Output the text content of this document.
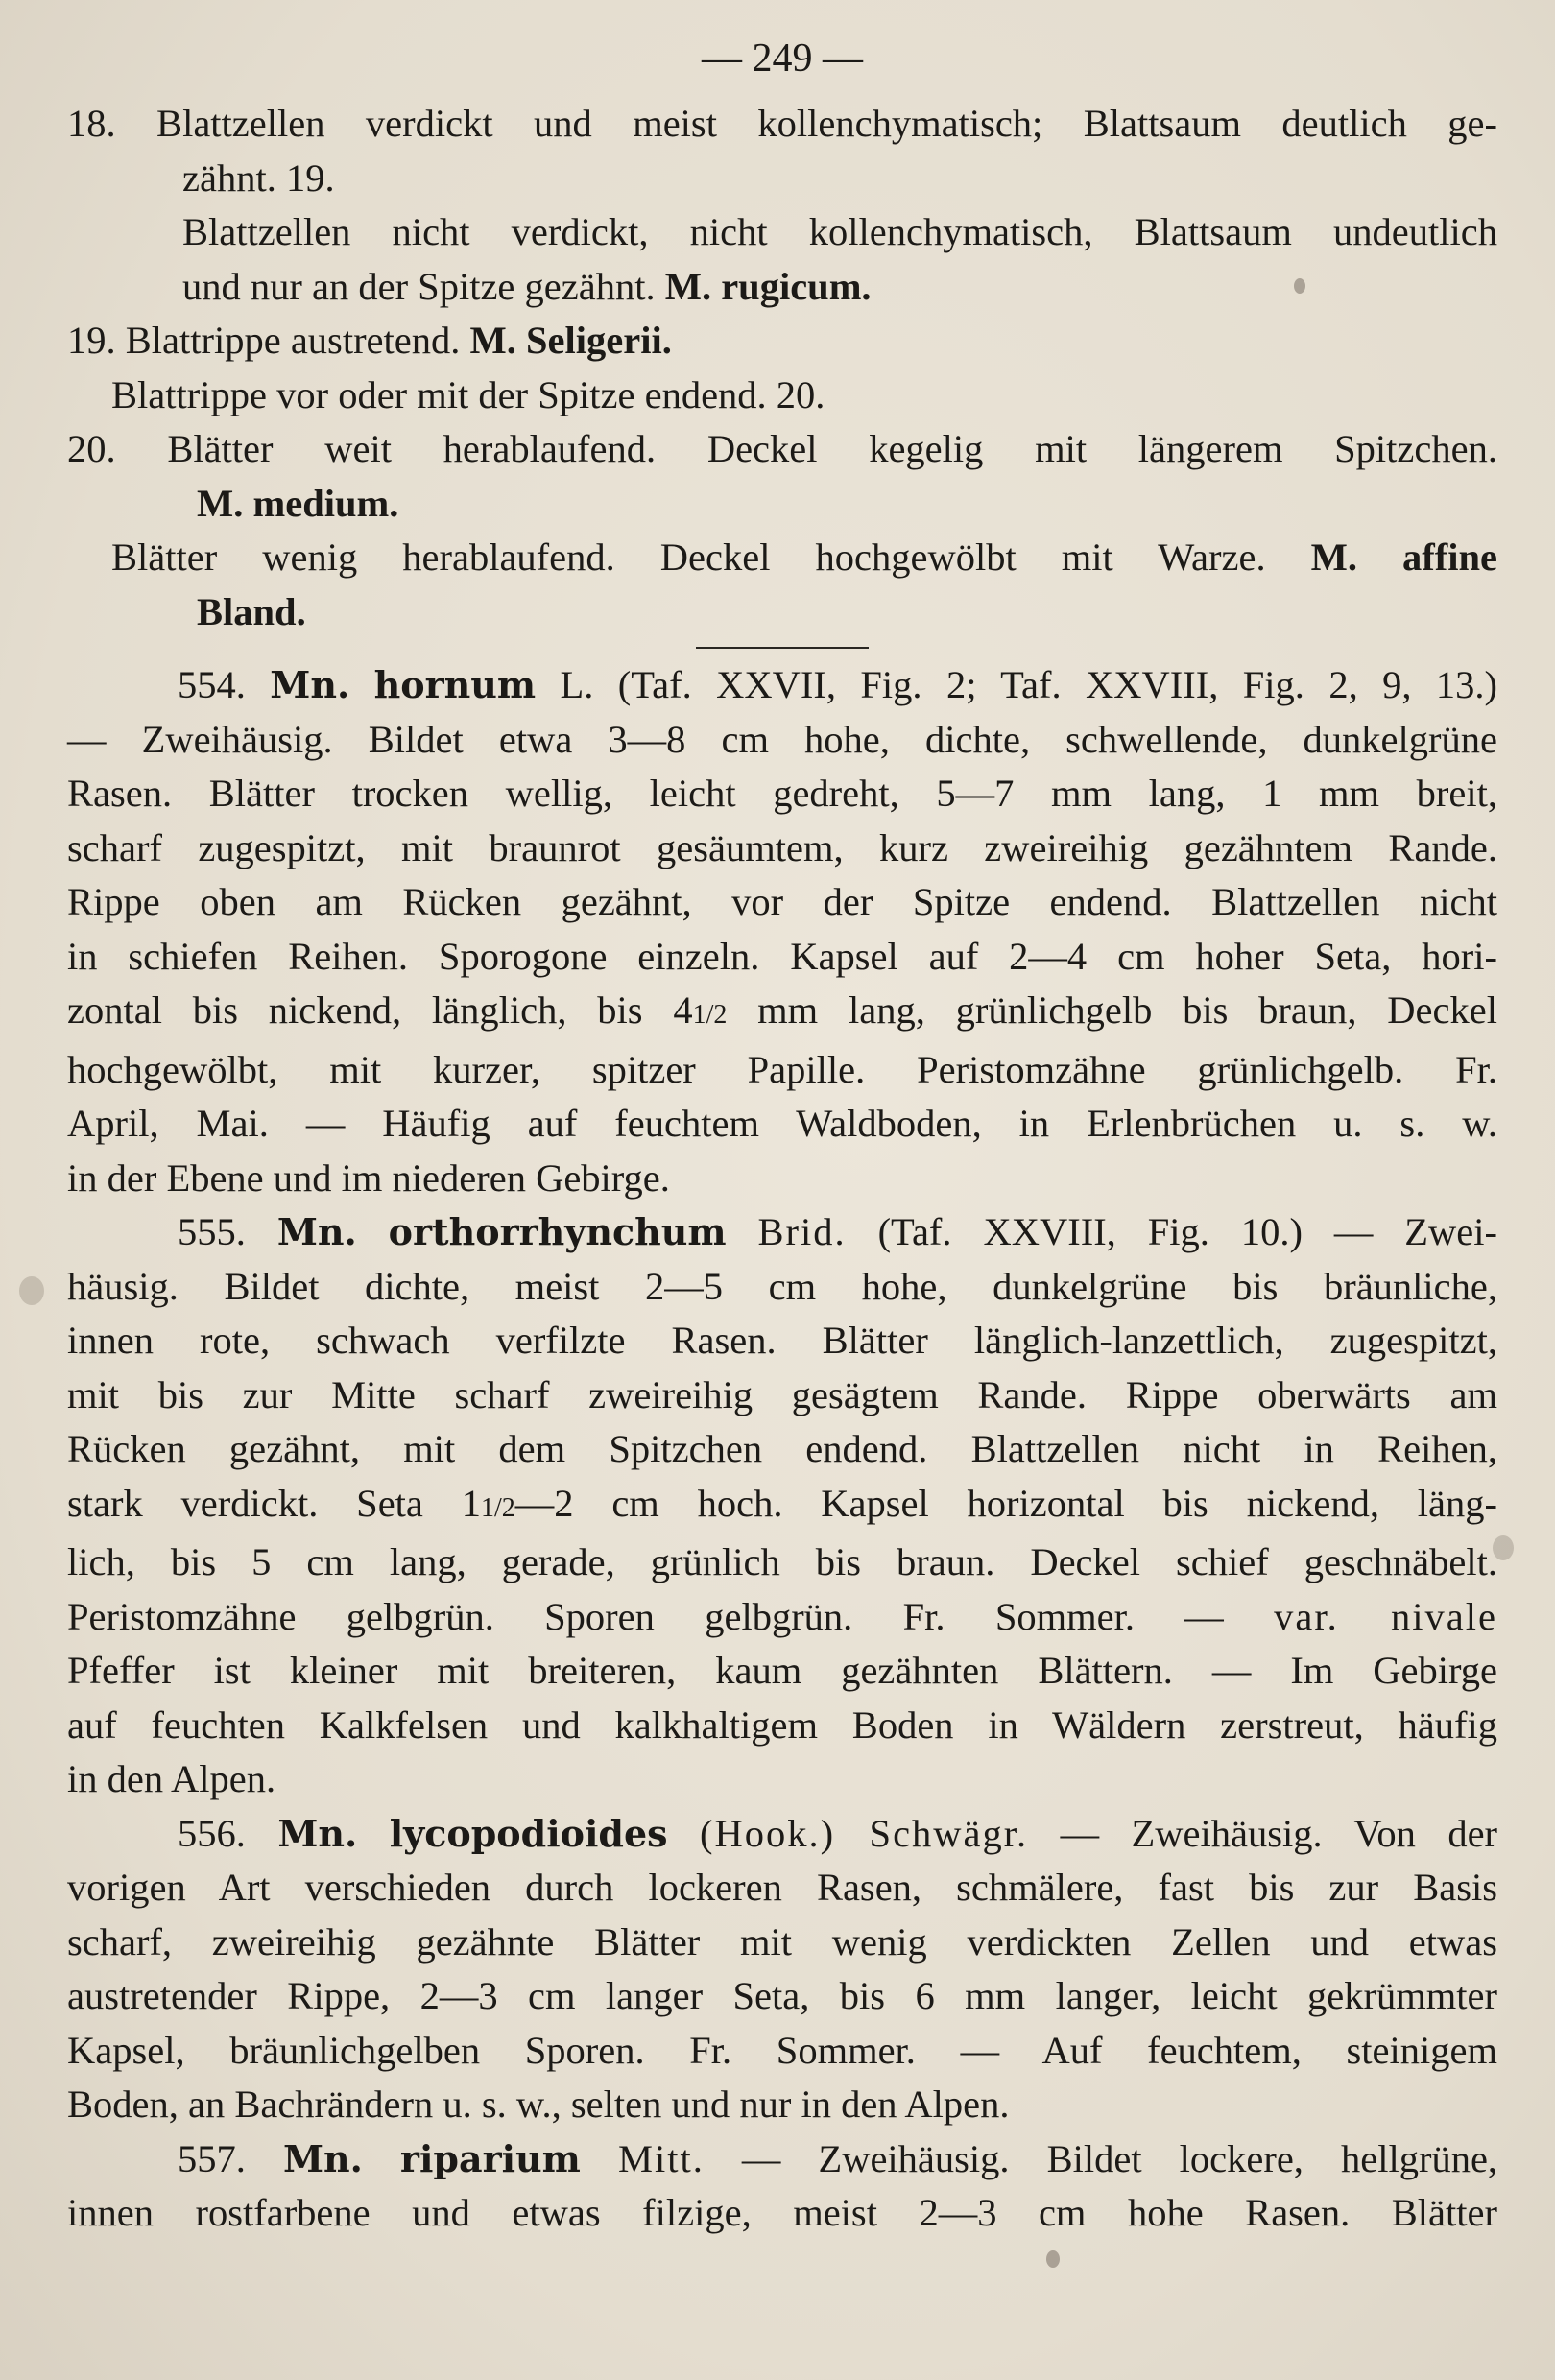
— 249 —
18. Blattzellen verdickt und meist kollenchymatisch; Blattsaum deutlich ge-
zähnt. 19.
Blattzellen nicht verdickt, nicht kollenchymatisch, Blattsaum undeutlich
und nur an der Spitze gezähnt. M. rugicum.
19. Blattrippe austretend. M. Seligerii.
Blattrippe vor oder mit der Spitze endend. 20.
20. Blätter weit herablaufend. Deckel kegelig mit längerem Spitzchen.
M. medium.
Blätter wenig herablaufend. Deckel hochgewölbt mit Warze. M. affine
Bland.
554. Mn. hornum L. (Taf. XXVII, Fig. 2; Taf. XXVIII, Fig. 2, 9, 13.)
— Zweihäusig. Bildet etwa 3—8 cm hohe, dichte, schwellende, dunkelgrüne
Rasen. Blätter trocken wellig, leicht gedreht, 5—7 mm lang, 1 mm breit,
scharf zugespitzt, mit braunrot gesäumtem, kurz zweireihig gezähntem Rande.
Rippe oben am Rücken gezähnt, vor der Spitze endend. Blattzellen nicht
in schiefen Reihen. Sporogone einzeln. Kapsel auf 2—4 cm hoher Seta, hori-
zontal bis nickend, länglich, bis 41/2 mm lang, grünlichgelb bis braun, Deckel
hochgewölbt, mit kurzer, spitzer Papille. Peristomzähne grünlichgelb. Fr.
April, Mai. — Häufig auf feuchtem Waldboden, in Erlenbrüchen u. s. w.
in der Ebene und im niederen Gebirge.
555. Mn. orthorrhynchum Brid. (Taf. XXVIII, Fig. 10.) — Zwei-
häusig. Bildet dichte, meist 2—5 cm hohe, dunkelgrüne bis bräunliche,
innen rote, schwach verfilzte Rasen. Blätter länglich-lanzettlich, zugespitzt,
mit bis zur Mitte scharf zweireihig gesägtem Rande. Rippe oberwärts am
Rücken gezähnt, mit dem Spitzchen endend. Blattzellen nicht in Reihen,
stark verdickt. Seta 11/2—2 cm hoch. Kapsel horizontal bis nickend, läng-
lich, bis 5 cm lang, gerade, grünlich bis braun. Deckel schief geschnäbelt.
Peristomzähne gelbgrün. Sporen gelbgrün. Fr. Sommer. — var. nivale
Pfeffer ist kleiner mit breiteren, kaum gezähnten Blättern. — Im Gebirge
auf feuchten Kalkfelsen und kalkhaltigem Boden in Wäldern zerstreut, häufig
in den Alpen.
556. Mn. lycopodioides (Hook.) Schwägr. — Zweihäusig. Von der
vorigen Art verschieden durch lockeren Rasen, schmälere, fast bis zur Basis
scharf, zweireihig gezähnte Blätter mit wenig verdickten Zellen und etwas
austretender Rippe, 2—3 cm langer Seta, bis 6 mm langer, leicht gekrümmter
Kapsel, bräunlichgelben Sporen. Fr. Sommer. — Auf feuchtem, steinigem
Boden, an Bachrändern u. s. w., selten und nur in den Alpen.
557. Mn. riparium Mitt. — Zweihäusig. Bildet lockere, hellgrüne,
innen rostfarbene und etwas filzige, meist 2—3 cm hohe Rasen. Blätter
